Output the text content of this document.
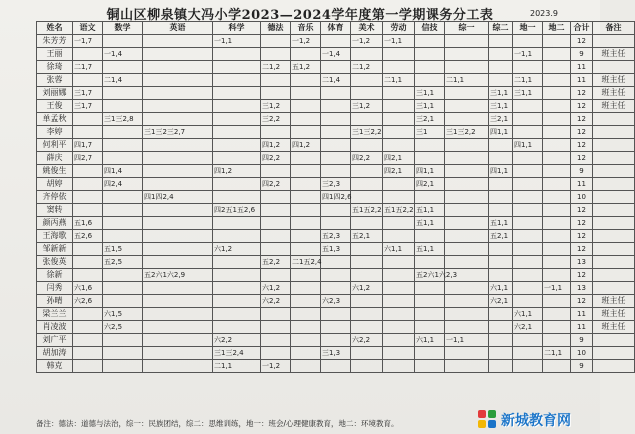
铜山区柳泉镇大冯小学2023—2024学年度第一学期课务分工表	2023.9
姓名	语文	数学	英语	科学	德法	音乐	体育	美术	劳动	信技	综一	综二	地一	地二	合计	备注
朱芳芳	一1,7			一1,1		一1,2		一1,2	一1,1						12	
王丽		一1,4					一1,4						一1,1		9	班主任
徐琦	二1,7				二1,2	五1,2		二1,2							11	
张蓉		二1,4					二1,4		二1,1		二1,1		二1,1		11	班主任
刘丽娜	三1,7									三1,1		三1,1	三1,1		12	班主任
王俊	三1,7				三1,2			三1,2		三1,1		三1,1			12	班主任
单孟秋		三1三2,8			三2,2					三2,1		三2,1			12	
李婷			三1三2三2,7					三1三2,2		三1	三1三2,2	四1,1			12	
何利平	四1,7				四1,2	四1,2							四1,1		12	
薛庆	四2,7				四2,2			四2,2	四2,1						12	
姚俊生		四1,4		四1,2					四2,1	四1,1		四1,1			9	
胡婷		四2,4			四2,2		三2,3			四2,1					11	
齐停依			四1四2,4				四1四2,6								10	
窦转				四2五1五2,6				五1五2,2	五1五2,2	五1,1					12	
颜丙燕	五1,6									五1,1		五1,1			12	
王海歌	五2,6						五2,3	五2,1				五2,1			12	
邹新新		五1,5		六1,2			五1,3		六1,1	五1,1					12	
张俊英		五2,5			五2,2	二1五2,4									13	
徐新			五2六1六2,9							五2六1六2,3					12	
闫秀	六1,6				六1,2			六1,2				六1,1		一1,1	13	
孙晴	六2,6				六2,2		六2,3					六2,1			12	班主任
梁兰兰		六1,5											六1,1		11	班主任
肖凌波		六2,5											六2,1		11	班主任
刘广平				六2,2				六2,2		六1,1	一1,1				9	
胡加涛				三1三2,4			三1,3							二1,1	10	
韩克				二1,1	一1,2										9	
备注：德法：道德与法治，综一：民族团结，综二：思维训练，地一：班会/心理健康教育，地二：环境教育。	新城教育网
